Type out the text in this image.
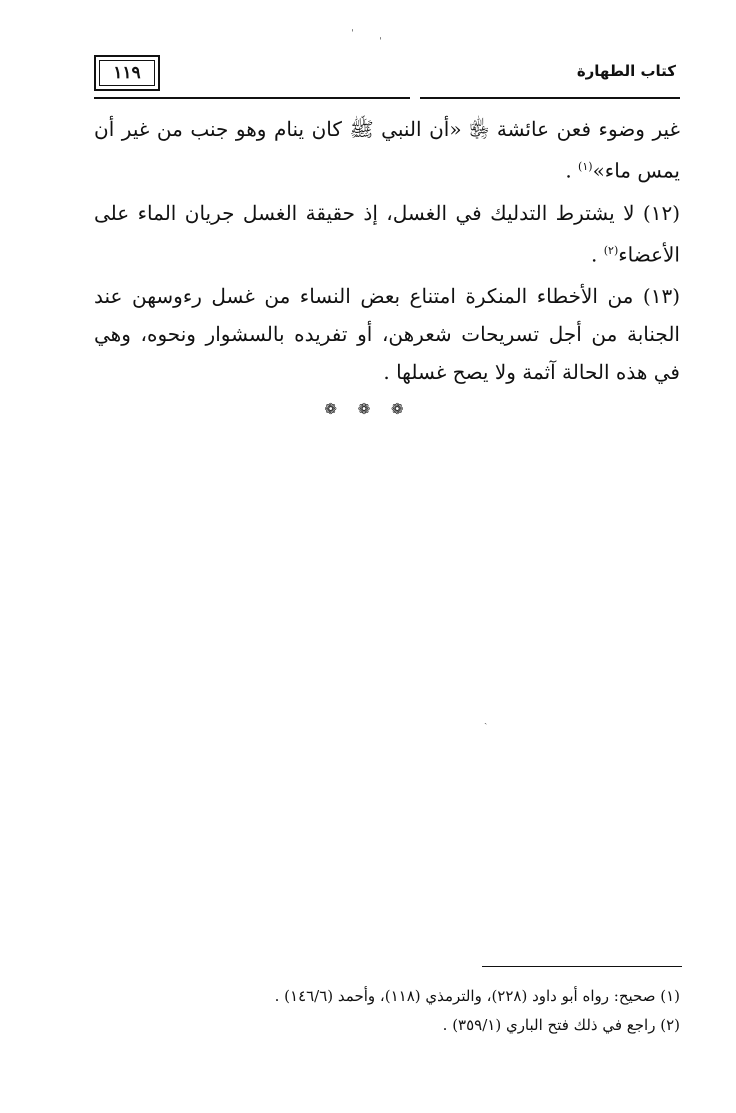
ˌ
ˌ
كتاب الطهارة
١١٩

غير وضوء فعن عائشة ﵂ «أن النبي ﷺ كان ينام وهو جنب من غير أن يمس ماء»$^{(١)}$ .

(١٢) لا يشترط التدليك في الغسل، إذ حقيقة الغسل جريان الماء على الأعضاء$^{(٢)}$ .

(١٣) من الأخطاء المنكرة امتناع بعض النساء من غسل رءوسهن عند الجنابة من أجل تسريحات شعرهن، أو تفريده بالسشوار ونحوه، وهي في هذه الحالة آثمة ولا يصح غسلها .

❁ ❁ ❁
ˎ

(١) صحيح: رواه أبو داود (٢٢٨)، والترمذي (١١٨)، وأحمد (١٤٦/٦) .

(٢) راجع في ذلك فتح الباري (٣٥٩/١) .
